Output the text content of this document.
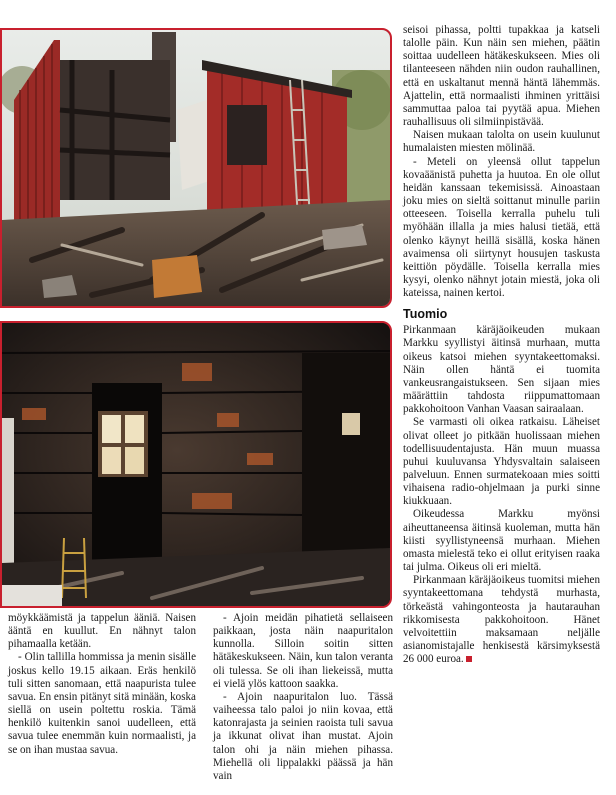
seisoi pihassa, poltti tupakkaa ja katseli talolle päin. Kun näin sen miehen, päätin soittaa uudelleen hätäkeskukseen. Mies oli tilanteeseen nähden niin oudon rauhallinen, että en uskaltanut mennä häntä lähemmäs. Ajattelin, että normaalisti ihminen yrittäisi sammuttaa paloa tai pyytää apua. Miehen rauhallisuus oli silmiinpistävää.

Naisen mukaan talolta on usein kuulunut humalaisten miesten mölinää.

- Meteli on yleensä ollut tappelun kovaäänistä puhetta ja huutoa. En ole ollut heidän kanssaan tekemisissä. Ainoastaan joku mies on sieltä soittanut minulle pariin otteeseen. Toisella kerralla puhelu tuli myöhään illalla ja mies halusi tietää, että olenko käynyt heillä sisällä, koska hänen avaimensa oli siirtynyt housujen taskusta keittiön pöydälle. Toisella kerralla mies kysyi, olenko nähnyt jotain miestä, joka oli kateissa, nainen kertoi.

Tuomio

Pirkanmaan käräjäoikeuden mukaan Markku syyllistyi äitinsä murhaan, mutta oikeus katsoi miehen syyntakeettomaksi. Näin ollen häntä ei tuomita vankeusrangaistukseen. Sen sijaan mies määrättiin tahdosta riippumattomaan pakkohoitoon Vanhan Vaasan sairaalaan.

Se varmasti oli oikea ratkaisu. Läheiset olivat olleet jo pitkään huolissaan miehen todellisuudentajusta. Hän muun muassa puhui kuuluvansa Yhdysvaltain salaiseen palveluun. Ennen surmatekoaan mies soitti vihaisena radio-ohjelmaan ja purki sinne kiukkuaan.

Oikeudessa Markku myönsi aiheuttaneensa äitinsä kuoleman, mutta hän kiisti syyllistyneensä murhaan. Miehen omasta mielestä teko ei ollut erityisen raaka tai julma. Oikeus oli eri mieltä.

Pirkanmaan käräjäoikeus tuomitsi miehen syyntakeettomana tehdystä murhasta, törkeästä vahingonteosta ja hautarauhan rikkomisesta pakkohoitoon. Hänet velvoitettiin maksamaan neljälle asianomistajalle henkisestä kärsimyksestä 26 000 euroa.

möykkäämistä ja tappelun ääniä. Naisen ääntä en kuullut. En nähnyt talon pihamaalla ketään.

- Olin tallilla hommissa ja menin sisälle joskus kello 19.15 aikaan. Eräs henkilö tuli sitten sanomaan, että naapurista tulee savua. En ensin pitänyt sitä minään, koska siellä on usein poltettu roskia. Tämä henkilö kuitenkin sanoi uudelleen, että savua tulee enemmän kuin normaalisti, ja se on ihan mustaa savua.

- Ajoin meidän pihatietä sellaiseen paikkaan, josta näin naapuritalon kunnolla. Silloin soitin sitten hätäkeskukseen. Näin, kun talon veranta oli tulessa. Se oli ihan liekeissä, mutta ei vielä ylös kattoon saakka.

- Ajoin naapuritalon luo. Tässä vaiheessa talo paloi jo niin kovaa, että katonrajasta ja seinien raoista tuli savua ja ikkunat olivat ihan mustat. Ajoin talon ohi ja näin miehen pihassa. Miehellä oli lippalakki päässä ja hän vain
